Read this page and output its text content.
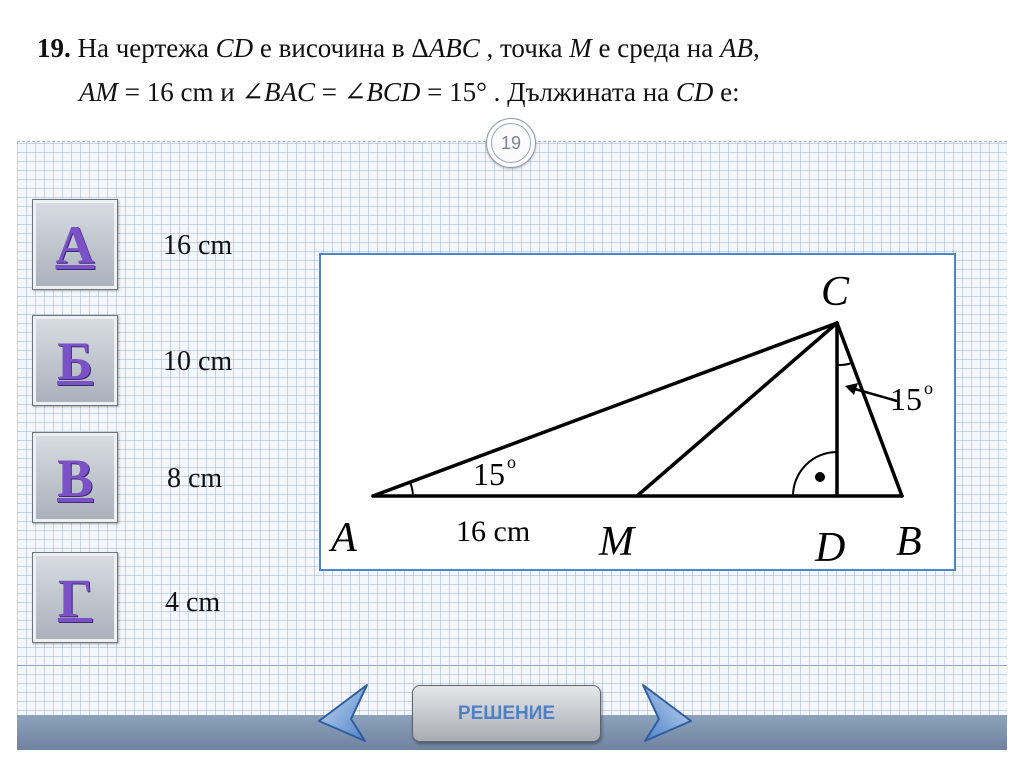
19. На чертежа CD е височина в ΔABC , точка M е среда на AB,
AM = 16 cm и ∠BAC = ∠BCD = 15° . Дължината на CD е:
19
А 16 cm
Б	10 cm
В	8 cm
Г	4 cm
C
A	M	D B
15 o
15 o
16 cm
РЕШЕНИЕ
